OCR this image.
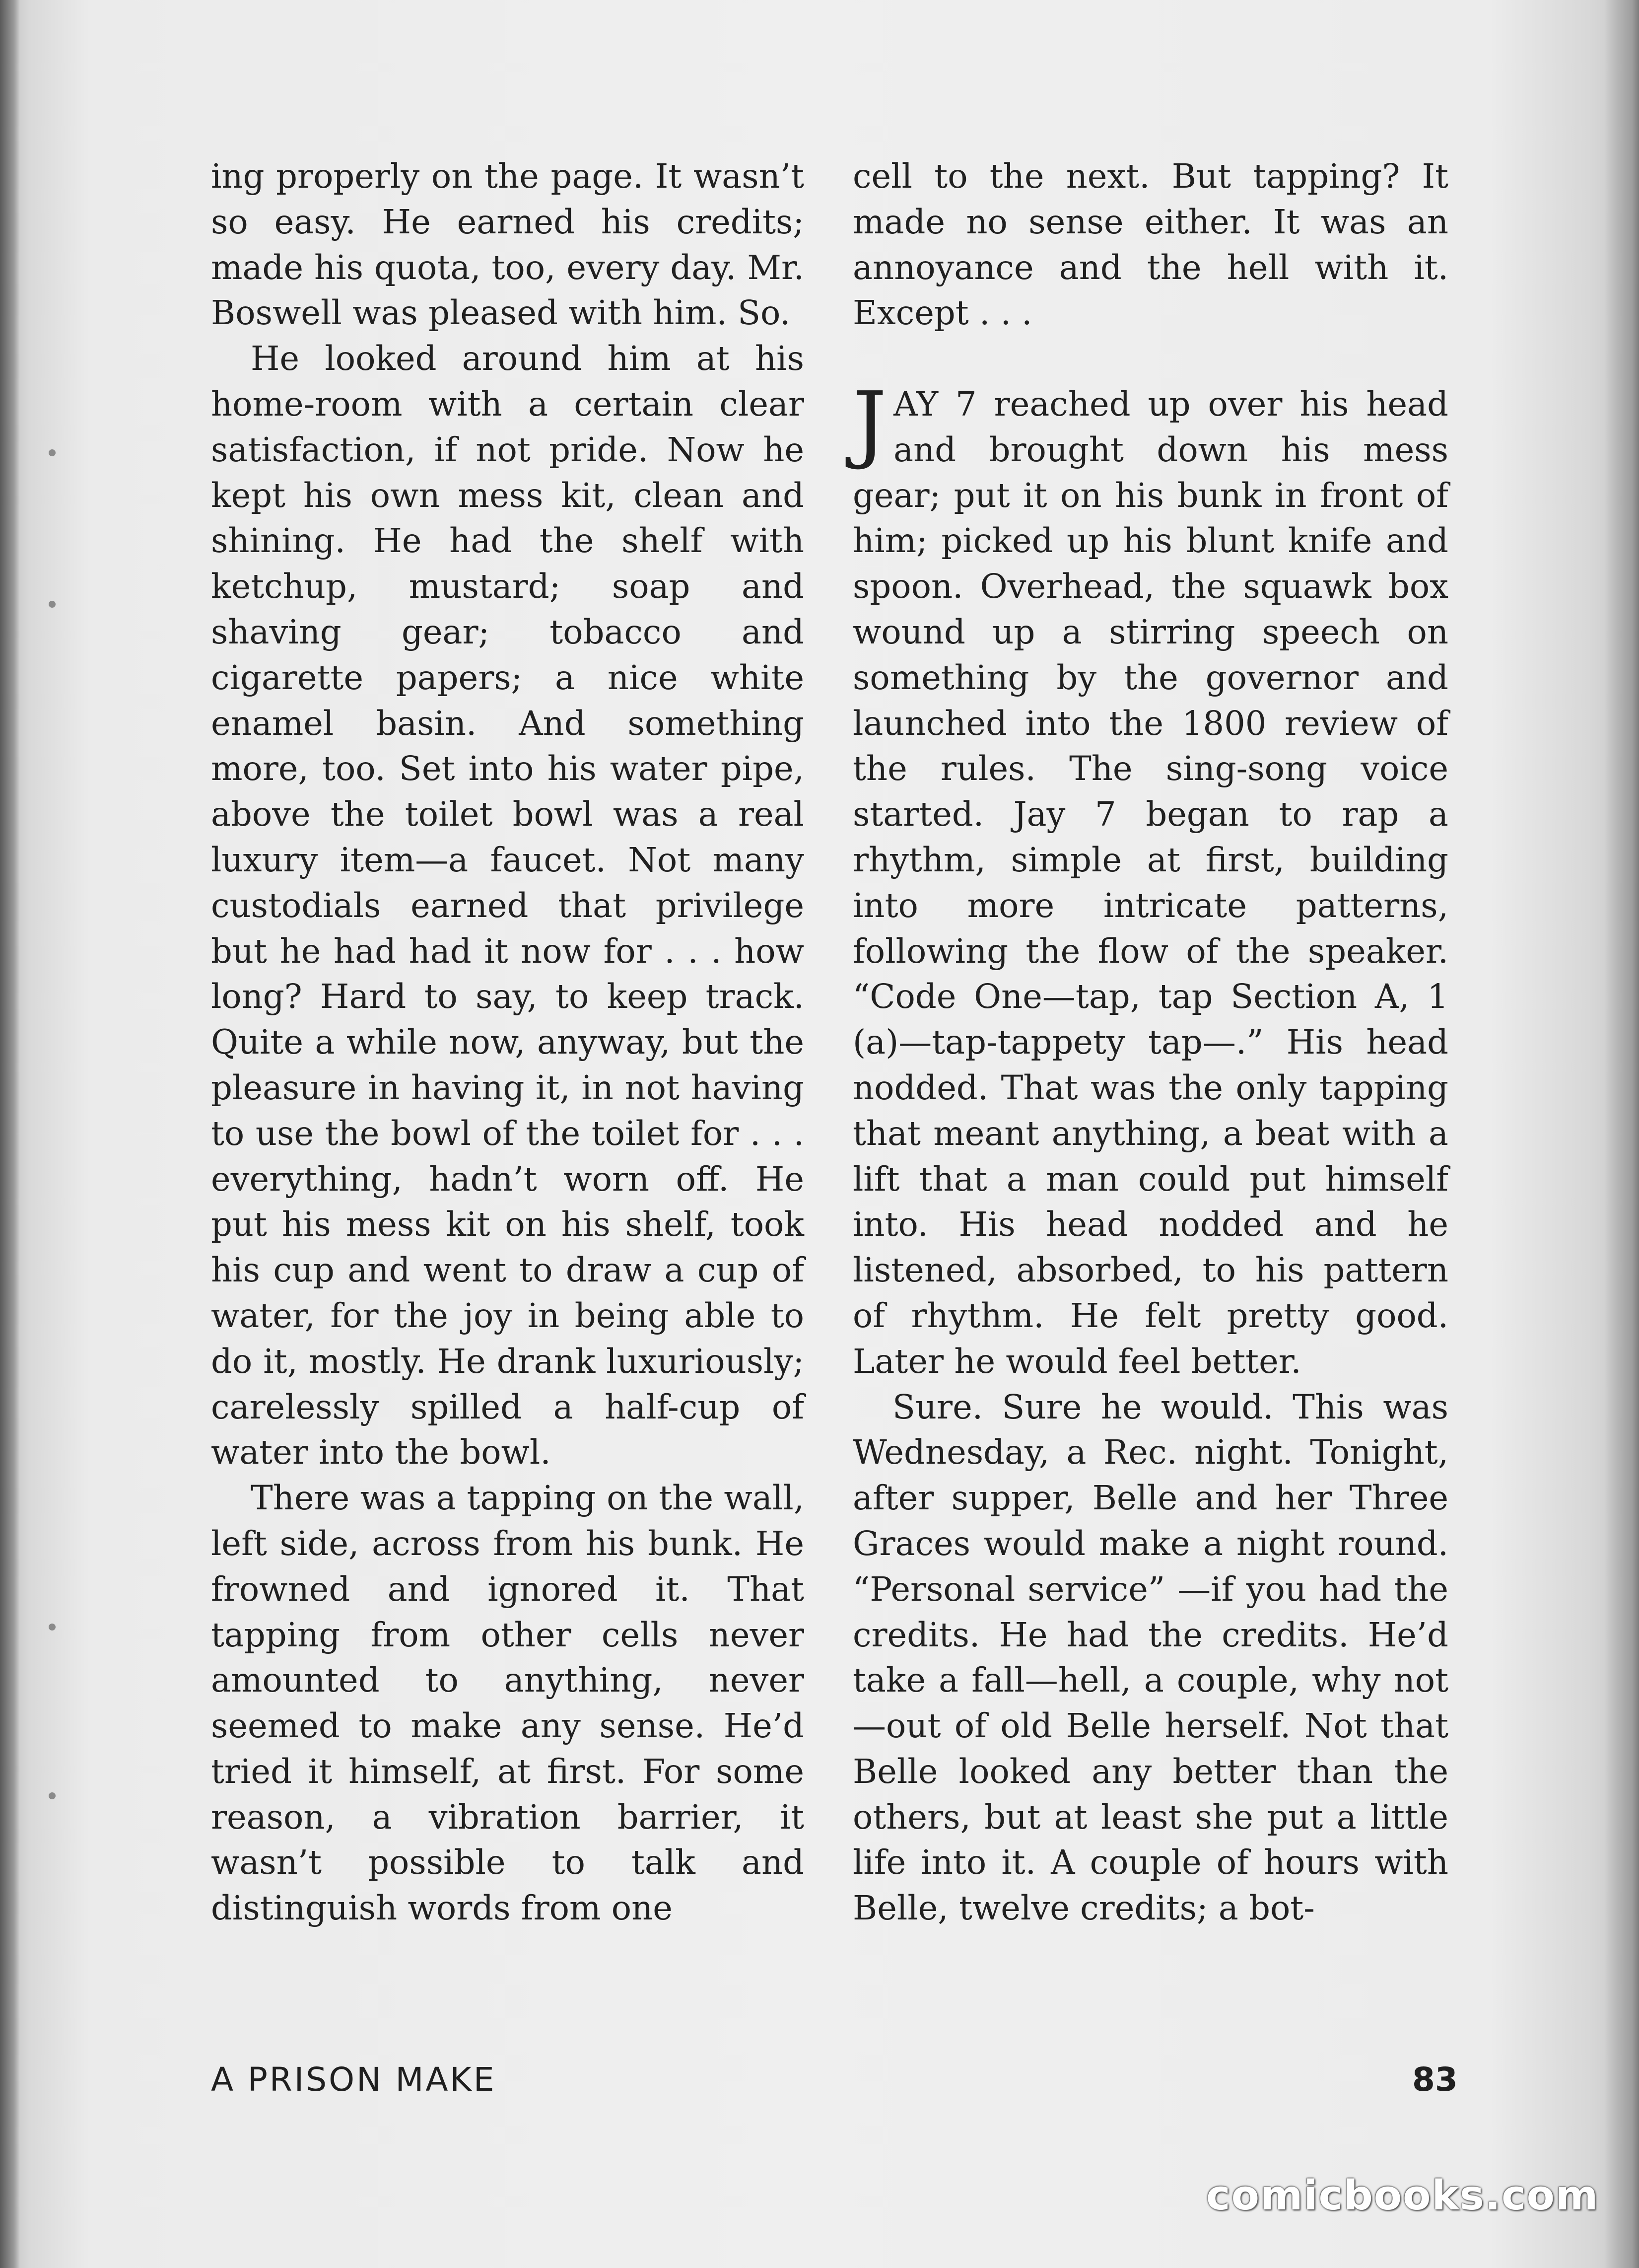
ing properly on the page. It wasn’t so easy. He earned his credits; made his quota, too, every day. Mr. Boswell was pleased with him. So.

He looked around him at his home-room with a certain clear satisfaction, if not pride. Now he kept his own mess kit, clean and shining. He had the shelf with ketchup, mustard; soap and shaving gear; tobacco and cigarette papers; a nice white enamel basin. And something more, too. Set into his water pipe, above the toilet bowl was a real luxury item—a faucet. Not many custodials earned that privilege but he had had it now for . . . how long? Hard to say, to keep track. Quite a while now, anyway, but the pleasure in having it, in not having to use the bowl of the toilet for . . . everything, hadn’t worn off. He put his mess kit on his shelf, took his cup and went to draw a cup of water, for the joy in being able to do it, mostly. He drank luxuriously; carelessly spilled a half-cup of water into the bowl.

There was a tapping on the wall, left side, across from his bunk. He frowned and ignored it. That tapping from other cells never amounted to anything, never seemed to make any sense. He’d tried it himself, at first. For some reason, a vibration barrier, it wasn’t possible to talk and distinguish words from one

cell to the next. But tapping? It made no sense either. It was an annoyance and the hell with it. Except . . .

JAY 7 reached up over his head and brought down his mess gear; put it on his bunk in front of him; picked up his blunt knife and spoon. Overhead, the squawk box wound up a stirring speech on something by the governor and launched into the 1800 review of the rules. The sing-song voice started. Jay 7 began to rap a rhythm, simple at first, building into more intricate patterns, following the flow of the speaker. “Code One—tap, tap Section A, 1 (a)—tap-tappety tap—.” His head nodded. That was the only tapping that meant anything, a beat with a lift that a man could put himself into. His head nodded and he listened, absorbed, to his pattern of rhythm. He felt pretty good. Later he would feel better.

Sure. Sure he would. This was Wednesday, a Rec. night. Tonight, after supper, Belle and her Three Graces would make a night round. “Personal service” —if you had the credits. He had the credits. He’d take a fall—hell, a couple, why not—out of old Belle herself. Not that Belle looked any better than the others, but at least she put a little life into it. A couple of hours with Belle, twelve credits; a bot-

A PRISON MAKE	83
comicbooks.com
